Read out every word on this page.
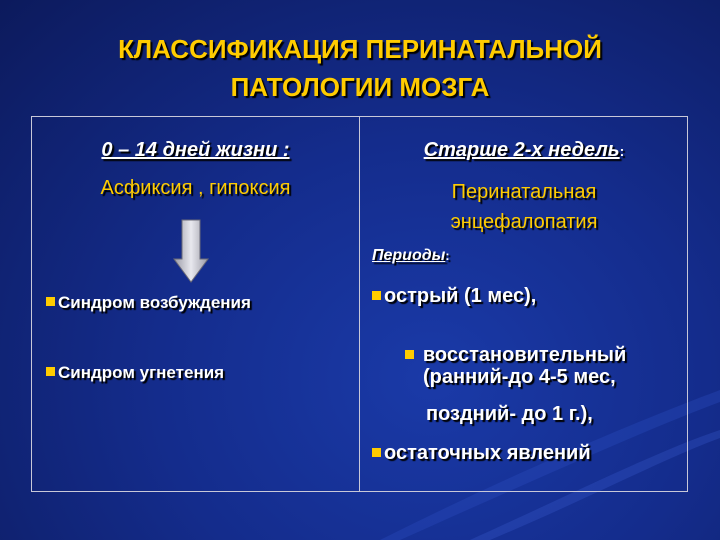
КЛАССИФИКАЦИЯ ПЕРИНАТАЛЬНОЙ
ПАТОЛОГИИ МОЗГА
0 – 14 дней жизни :
Асфиксия , гипоксия
Синдром возбуждения
Синдром угнетения
Старше 2-х недель:
Перинатальная
энцефалопатия
Периоды:
острый (1 мес),

восстановительный

(ранний-до 4-5 мес,
поздний- до 1 г.),
остаточных явлений
